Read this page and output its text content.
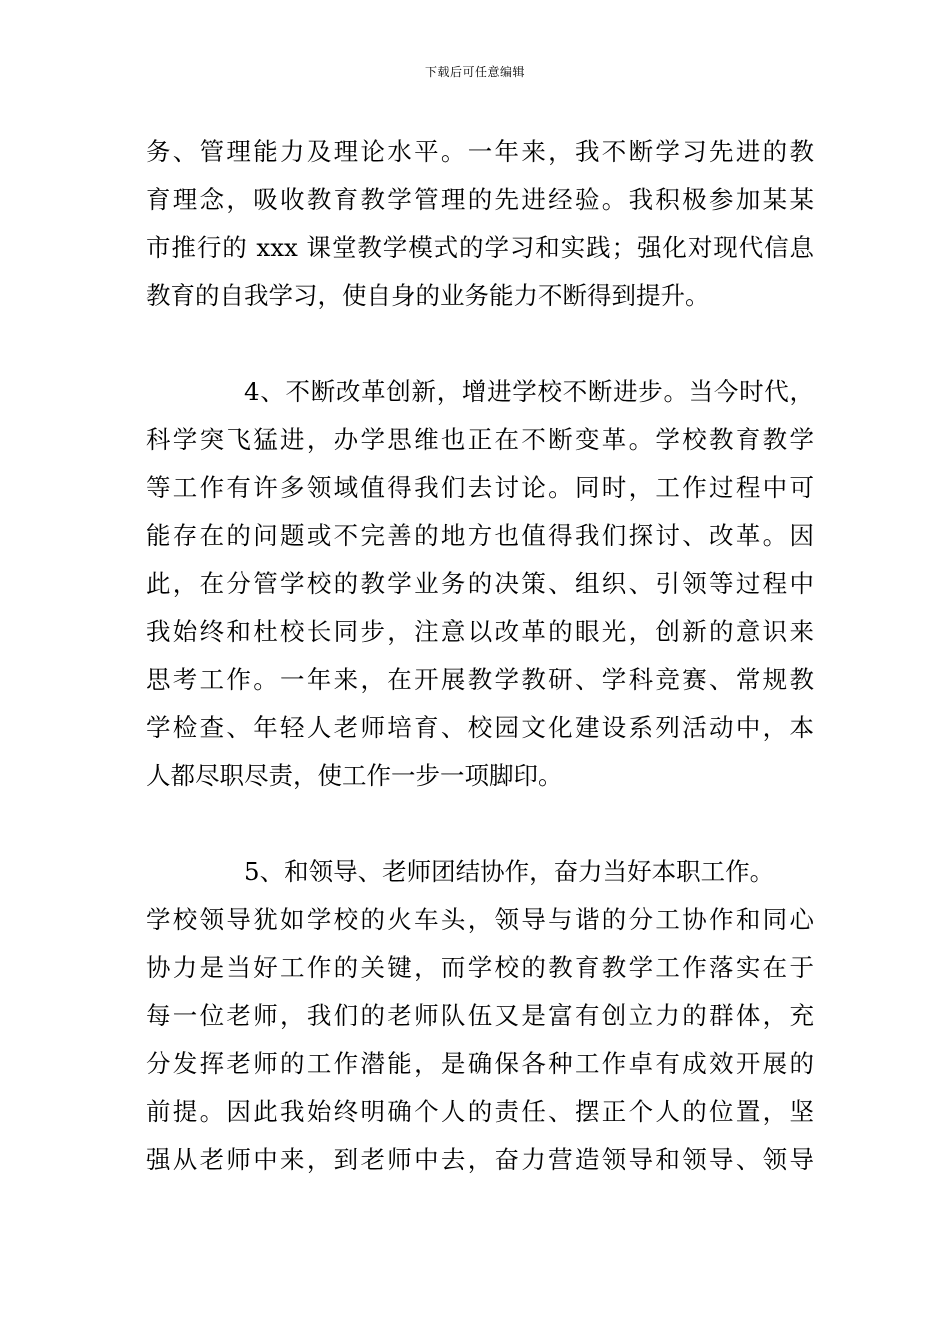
下载后可任意编辑
务、管理能力及理论水平。一年来，我不断学习先进的教
育理念，吸收教育教学管理的先进经验。我积极参加某某
市推行的 xxx 课堂教学模式的学习和实践；强化对现代信息
教育的自我学习，使自身的业务能力不断得到提升。
4、不断改革创新，增进学校不断进步。当今时代，
科学突飞猛进，办学思维也正在不断变革。学校教育教学
等工作有许多领域值得我们去讨论。同时，工作过程中可
能存在的问题或不完善的地方也值得我们探讨、改革。因
此，在分管学校的教学业务的决策、组织、引领等过程中
我始终和杜校长同步，注意以改革的眼光，创新的意识来
思考工作。一年来，在开展教学教研、学科竞赛、常规教
学检查、年轻人老师培育、校园文化建设系列活动中，本
人都尽职尽责，使工作一步一项脚印。
5、和领导、老师团结协作，奋力当好本职工作。
学校领导犹如学校的火车头，领导与谐的分工协作和同心
协力是当好工作的关键，而学校的教育教学工作落实在于
每一位老师，我们的老师队伍又是富有创立力的群体，充
分发挥老师的工作潜能，是确保各种工作卓有成效开展的
前提。因此我始终明确个人的责任、摆正个人的位置，坚
强从老师中来，到老师中去，奋力营造领导和领导、领导
